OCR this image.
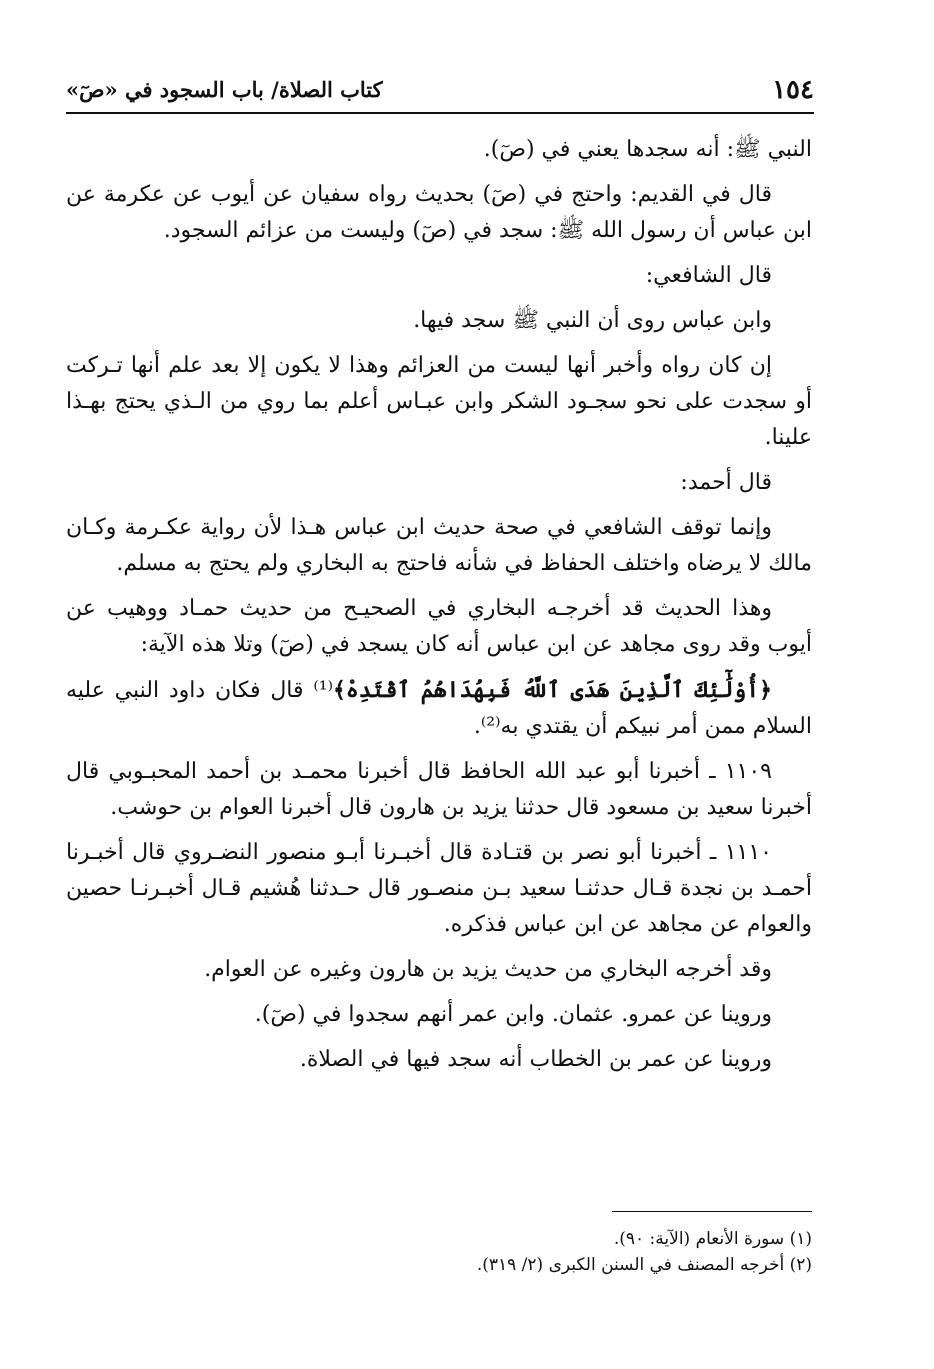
١٥٤
كتاب الصلاة/ باب السجود في «صٓ»

النبي ﷺ: أنه سجدها يعني في (صٓ).

قال في القديم: واحتج في (صٓ) بحديث رواه سفيان عن أيوب عن عكرمة عن ابن عباس أن رسول الله ﷺ: سجد في (صٓ) وليست من عزائم السجود.

قال الشافعي:

وابن عباس روى أن النبي ﷺ سجد فيها.

إن كان رواه وأخبر أنها ليست من العزائم وهذا لا يكون إلا بعد علم أنها تـركت أو سجدت على نحو سجـود الشكر وابن عبـاس أعلم بما روي من الـذي يحتج بهـذا علينا.

قال أحمد:

وإنما توقف الشافعي في صحة حديث ابن عباس هـذا لأن رواية عكـرمة وكـان مالك لا يرضاه واختلف الحفاظ في شأنه فاحتج به البخاري ولم يحتج به مسلم.

وهذا الحديث قد أخرجـه البخاري في الصحيـح من حديث حمـاد ووهيب عن أيوب وقد روى مجاهد عن ابن عباس أنه كان يسجد في (صٓ) وتلا هذه الآية:

﴿أُوْلَٰٓئِكَ ٱلَّذِينَ هَدَى ٱللَّهُ فَبِهُدَاهُمُ ٱقْتَدِهْ﴾⁽¹⁾ قال فكان داود النبي عليه السلام ممن أمر نبيكم أن يقتدي به⁽²⁾.

١١٠٩ ـ أخبرنا أبو عبد الله الحافظ قال أخبرنا محمـد بن أحمد المحبـوبي قال أخبرنا سعيد بن مسعود قال حدثنا يزيد بن هارون قال أخبرنا العوام بن حوشب.

١١١٠ ـ أخبرنا أبو نصر بن قتـادة قال أخبـرنا أبـو منصور النضـروي قال أخبـرنا أحمـد بن نجدة قـال حدثنـا سعيد بـن منصـور قال حـدثنا هُشيم قـال أخبـرنـا حصين والعوام عن مجاهد عن ابن عباس فذكره.

وقد أخرجه البخاري من حديث يزيد بن هارون وغيره عن العوام.

وروينا عن عمرو. عثمان. وابن عمر أنهم سجدوا في (صٓ).

وروينا عن عمر بن الخطاب أنه سجد فيها في الصلاة.

(١) سورة الأنعام (الآية: ٩٠).
(٢) أخرجه المصنف في السنن الكبرى (٢/ ٣١٩).
